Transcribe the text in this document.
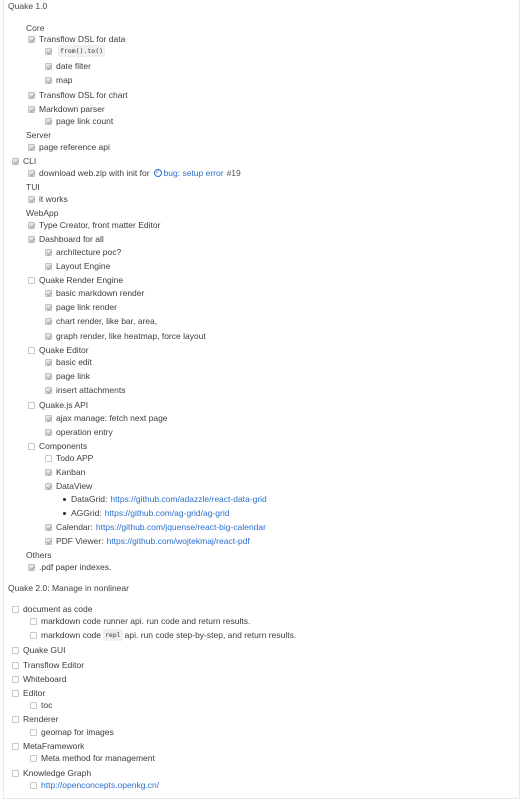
Quake 1.0
Core
Transflow DSL for data
from().to()
date filter
map
Transflow DSL for chart
Markdown parser
page link count
Server
page reference api
CLI
download web.zip with init for ✓ bug: setup error #19
TUI
it works
WebApp
Type Creator, front matter Editor
Dashboard for all
architecture poc?
Layout Engine
Quake Render Engine
basic markdown render
page link render
chart render, like bar, area,
graph render, like heatmap, force layout
Quake Editor
basic edit
page link
insert attachments
Quake.js API
ajax manage: fetch next page
operation entry
Components
Todo APP
Kanban
DataView
DataGrid: https://github.com/adazzle/react-data-grid
AGGrid: https://github.com/ag-grid/ag-grid
Calendar: https://github.com/jquense/react-big-calendar
PDF Viewer: https://github.com/wojtekmaj/react-pdf
Others
.pdf paper indexes.
Quake 2.0: Manage in nonlinear
document as code
markdown code runner api. run code and return results.
markdown code repl api. run code step-by-step, and return results.
Quake GUI
Transflow Editor
Whiteboard
Editor
toc
Renderer
geomap for images
MetaFramework
Meta method for management
Knowledge Graph
http://openconcepts.openkg.cn/
